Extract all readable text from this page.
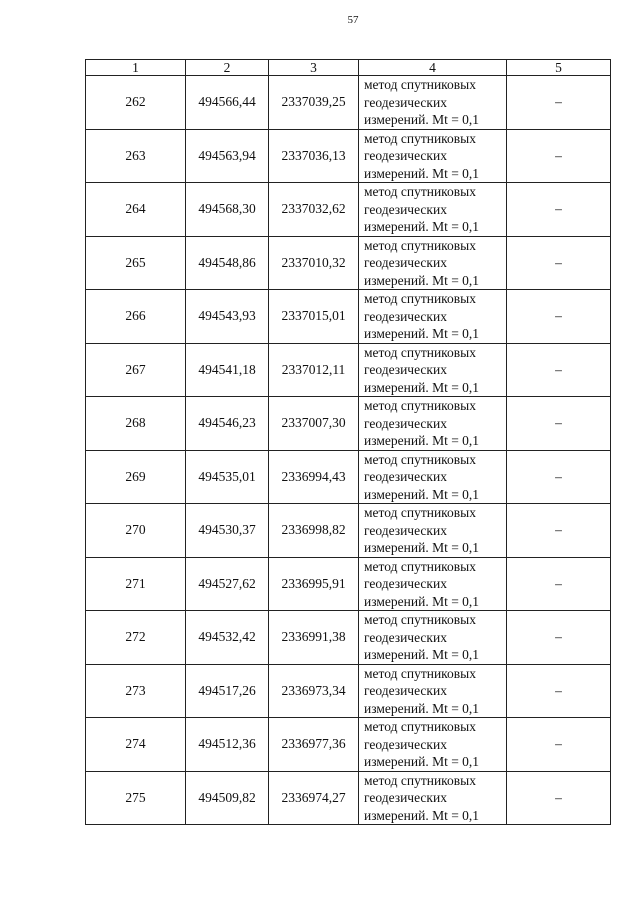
57
1	2	3	4	5
262	494566,44	2337039,25	метод спутниковых
геодезических
измерений. Mt = 0,1	–
263	494563,94	2337036,13	метод спутниковых
геодезических
измерений. Mt = 0,1	–
264	494568,30	2337032,62	метод спутниковых
геодезических
измерений. Mt = 0,1	–
265	494548,86	2337010,32	метод спутниковых
геодезических
измерений. Mt = 0,1	–
266	494543,93	2337015,01	метод спутниковых
геодезических
измерений. Mt = 0,1	–
267	494541,18	2337012,11	метод спутниковых
геодезических
измерений. Mt = 0,1	–
268	494546,23	2337007,30	метод спутниковых
геодезических
измерений. Mt = 0,1	–
269	494535,01	2336994,43	метод спутниковых
геодезических
измерений. Mt = 0,1	–
270	494530,37	2336998,82	метод спутниковых
геодезических
измерений. Mt = 0,1	–
271	494527,62	2336995,91	метод спутниковых
геодезических
измерений. Mt = 0,1	–
272	494532,42	2336991,38	метод спутниковых
геодезических
измерений. Mt = 0,1	–
273	494517,26	2336973,34	метод спутниковых
геодезических
измерений. Mt = 0,1	–
274	494512,36	2336977,36	метод спутниковых
геодезических
измерений. Mt = 0,1	–
275	494509,82	2336974,27	метод спутниковых
геодезических
измерений. Mt = 0,1	–
